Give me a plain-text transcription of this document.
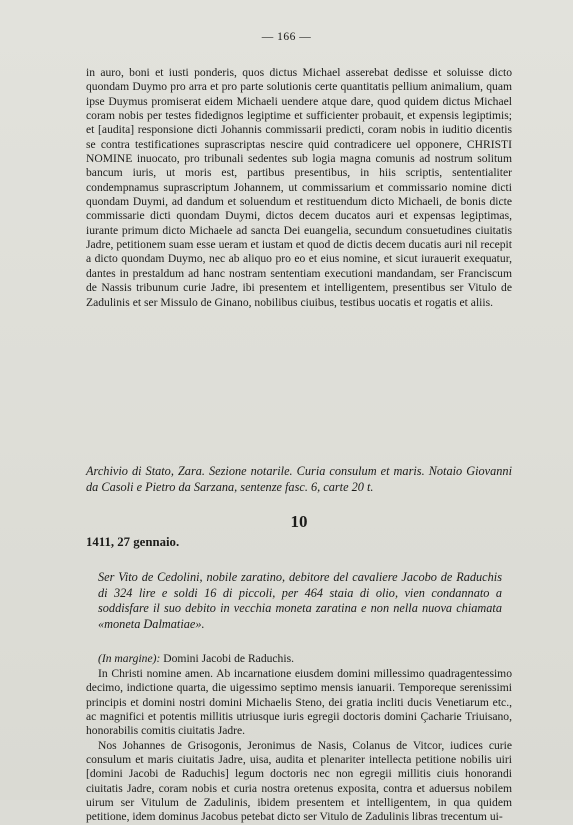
— 166 —

in auro, boni et iusti ponderis, quos dictus Michael asserebat dedisse et soluisse dicto quondam Duymo pro arra et pro parte solutionis certe quantitatis pellium animalium, quam ipse Duymus promiserat eidem Michaeli uendere atque dare, quod quidem dictus Michael coram nobis per testes fidedignos legiptime et sufficienter probauit, et expensis legiptimis; et [audita] responsione dicti Johannis commissarii predicti, coram nobis in iuditio dicentis se contra testificationes suprascriptas nescire quid contradicere uel opponere, CHRISTI NOMINE inuocato, pro tribunali sedentes sub logia magna comunis ad nostrum solitum bancum iuris, ut moris est, partibus presentibus, in hiis scriptis, sententialiter condempnamus suprascriptum Johannem, ut commissarium et commissario nomine dicti quondam Duymi, ad dandum et soluendum et restituendum dicto Michaeli, de bonis dicte commissarie dicti quondam Duymi, dictos decem ducatos auri et expensas legiptimas, iurante primum dicto Michaele ad sancta Dei euangelia, secundum consuetudines ciuitatis Jadre, petitionem suam esse ueram et iustam et quod de dictis decem ducatis auri nil recepit a dicto quondam Duymo, nec ab aliquo pro eo et eius nomine, et sicut iurauerit exequatur, dantes in prestaldum ad hanc nostram sententiam executioni mandandam, ser Franciscum de Nassis tribunum curie Jadre, ibi presentem et intelligentem, presentibus ser Vitulo de Zadulinis et ser Missulo de Ginano, nobilibus ciuibus, testibus uocatis et rogatis et aliis.

Archivio di Stato, Zara. Sezione notarile. Curia consulum et maris. Notaio Giovanni da Casoli e Pietro da Sarzana, sentenze fasc. 6, carte 20 t.

10
1411, 27 gennaio.

Ser Vito de Cedolini, nobile zaratino, debitore del cavaliere Jacobo de Raduchis di 324 lire e soldi 16 di piccoli, per 464 staia di olio, vien condannato a soddisfare il suo debito in vecchia moneta zaratina e non nella nuova chiamata «moneta Dalmatiae».

(In margine): Domini Jacobi de Raduchis.

In Christi nomine amen. Ab incarnatione eiusdem domini millessimo quadragentessimo decimo, indictione quarta, die uigessimo septimo mensis ianuarii. Temporeque serenissimi principis et domini nostri domini Michaelis Steno, dei gratia incliti ducis Venetiarum etc., ac magnifici et potentis millitis utriusque iuris egregii doctoris domini Çacharie Triuisano, honorabilis comitis ciuitatis Jadre.

Nos Johannes de Grisogonis, Jeronimus de Nasis, Colanus de Vitcor, iudices curie consulum et maris ciuitatis Jadre, uisa, audita et plenariter intellecta petitione nobilis uiri [domini Jacobi de Raduchis] legum doctoris nec non egregii millitis ciuis honorandi ciuitatis Jadre, coram nobis et curia nostra oretenus exposita, contra et aduersus nobilem uirum ser Vitulum de Zadulinis, ibidem presentem et intelligentem, in qua quidem petitione, idem dominus Jacobus petebat dicto ser Vitulo de Zadulinis libras trecentum ui-
